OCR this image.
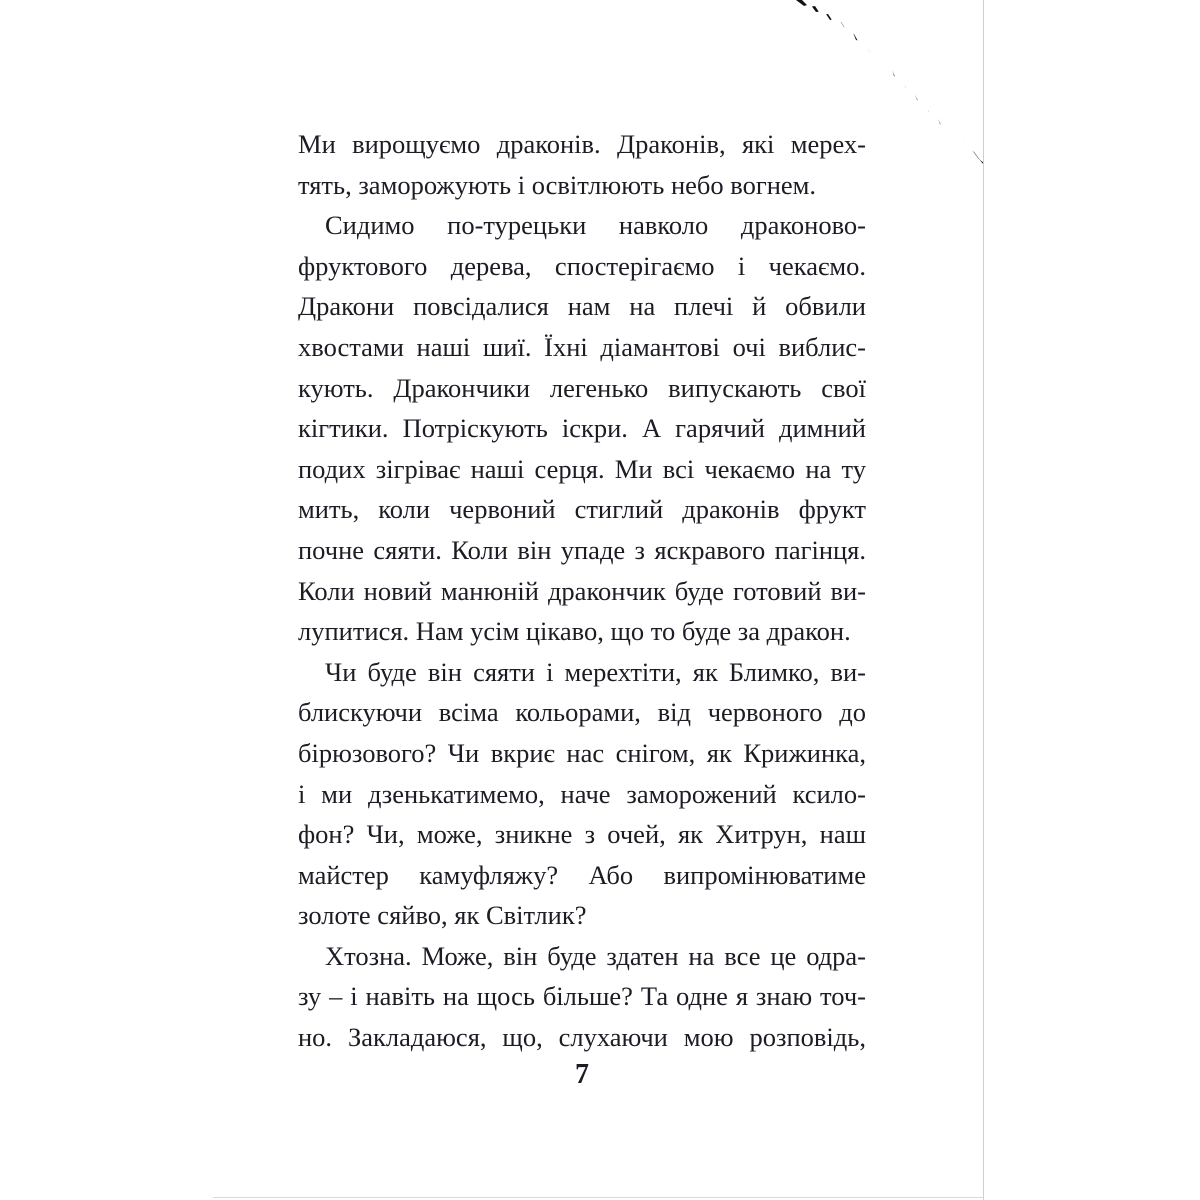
Ми вирощуємо драконів. Драконів, які мерех-
тять, заморожують і освітлюють небо вогнем.
Сидимо по-турецьки навколо драконово-
фруктового дерева, спостерігаємо і чекаємо.
Дракони повсідалися нам на плечі й обвили
хвостами наші шиї. Їхні діамантові очі виблис-
кують. Дракончики легенько випускають свої
кігтики. Потріскують іскри. А гарячий димний
подих зігріває наші серця. Ми всі чекаємо на ту
мить, коли червоний стиглий драконів фрукт
почне сяяти. Коли він упаде з яскравого пагінця.
Коли новий манюній дракончик буде готовий ви-
лупитися. Нам усім цікаво, що то буде за дракон.
Чи буде він сяяти і мерехтіти, як Блимко, ви-
блискуючи всіма кольорами, від червоного до
бірюзового? Чи вкриє нас снігом, як Крижинка,
і ми дзенькатимемо, наче заморожений ксило-
фон? Чи, може, зникне з очей, як Хитрун, наш
майстер камуфляжу? Або випромінюватиме
золоте сяйво, як Світлик?
Хтозна. Може, він буде здатен на все це одра-
зу – і навіть на щось більше? Та одне я знаю точ-
но. Закладаюся, що, слухаючи мою розповідь,
7
